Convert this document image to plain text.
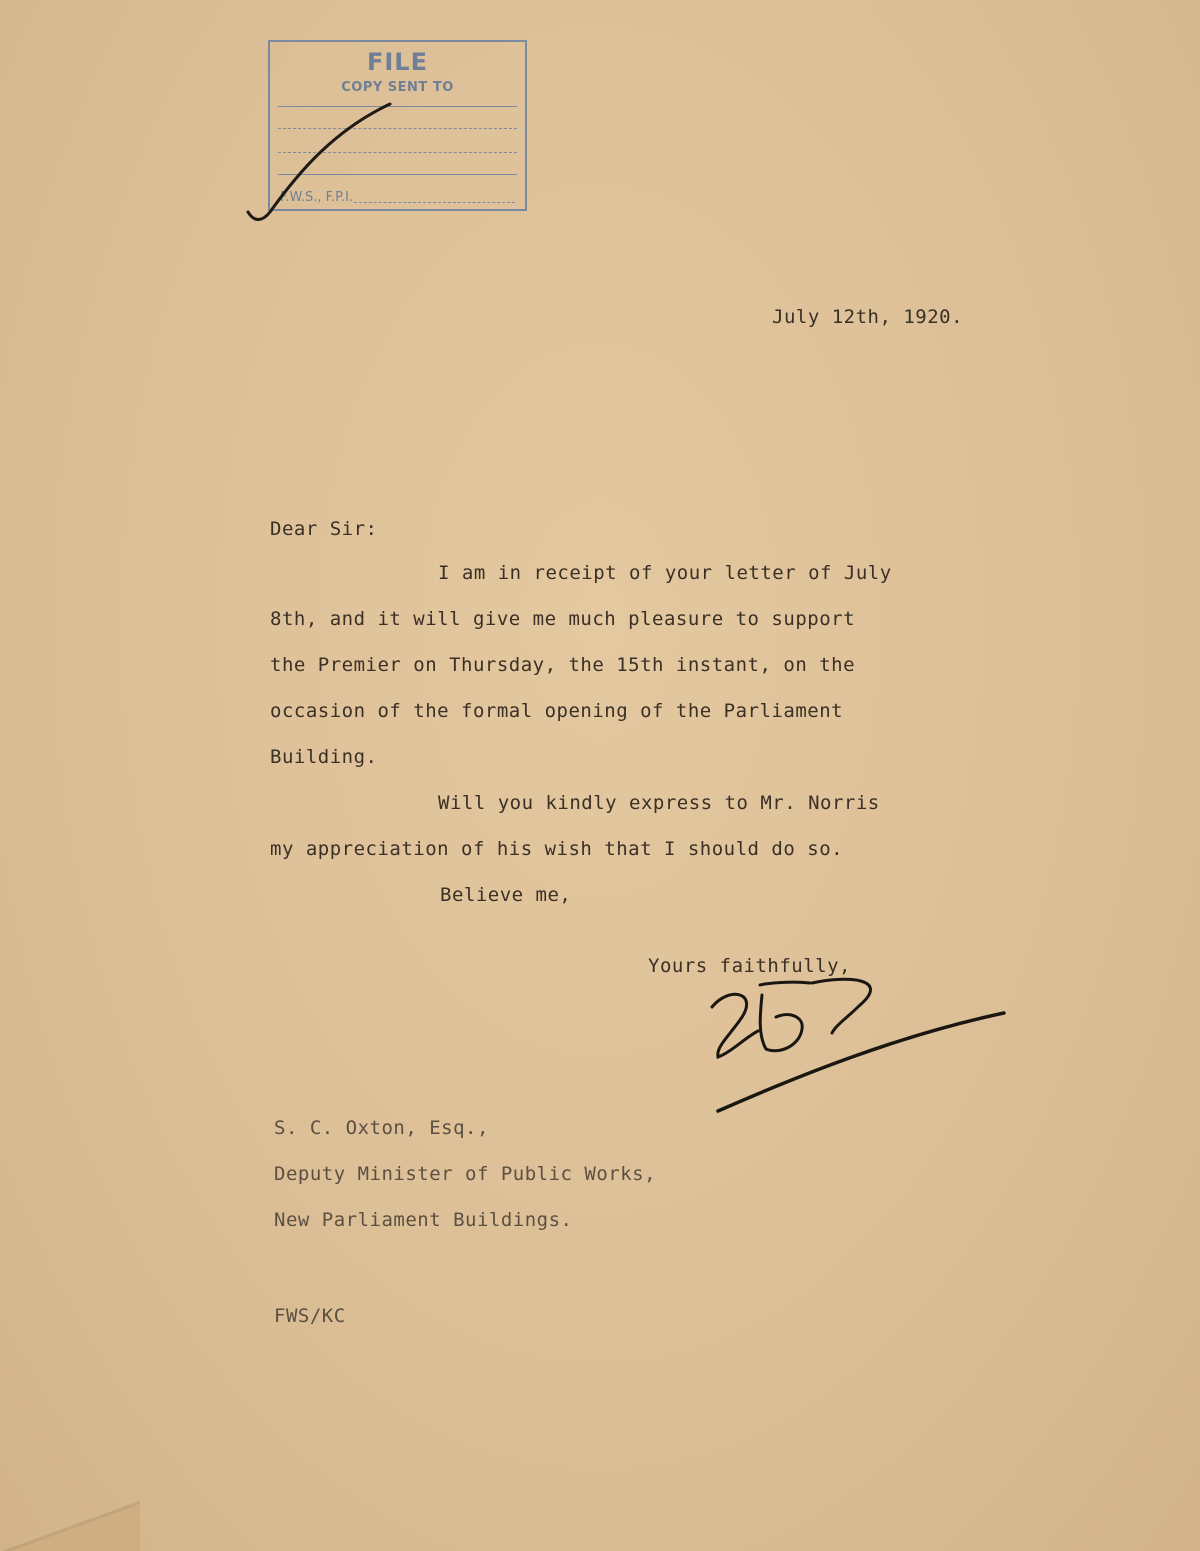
FILE
COPY SENT TO
F.W.S., F.P.I.
July 12th, 1920.
Dear Sir:
I am in receipt of your letter of July
8th, and it will give me much pleasure to support
the Premier on Thursday, the 15th instant, on the
occasion of the formal opening of the Parliament
Building.
Will you kindly express to Mr. Norris
my appreciation of his wish that I should do so.
Believe me,
Yours faithfully,
S. C. Oxton, Esq.,
Deputy Minister of Public Works,
New Parliament Buildings.
FWS/KC
